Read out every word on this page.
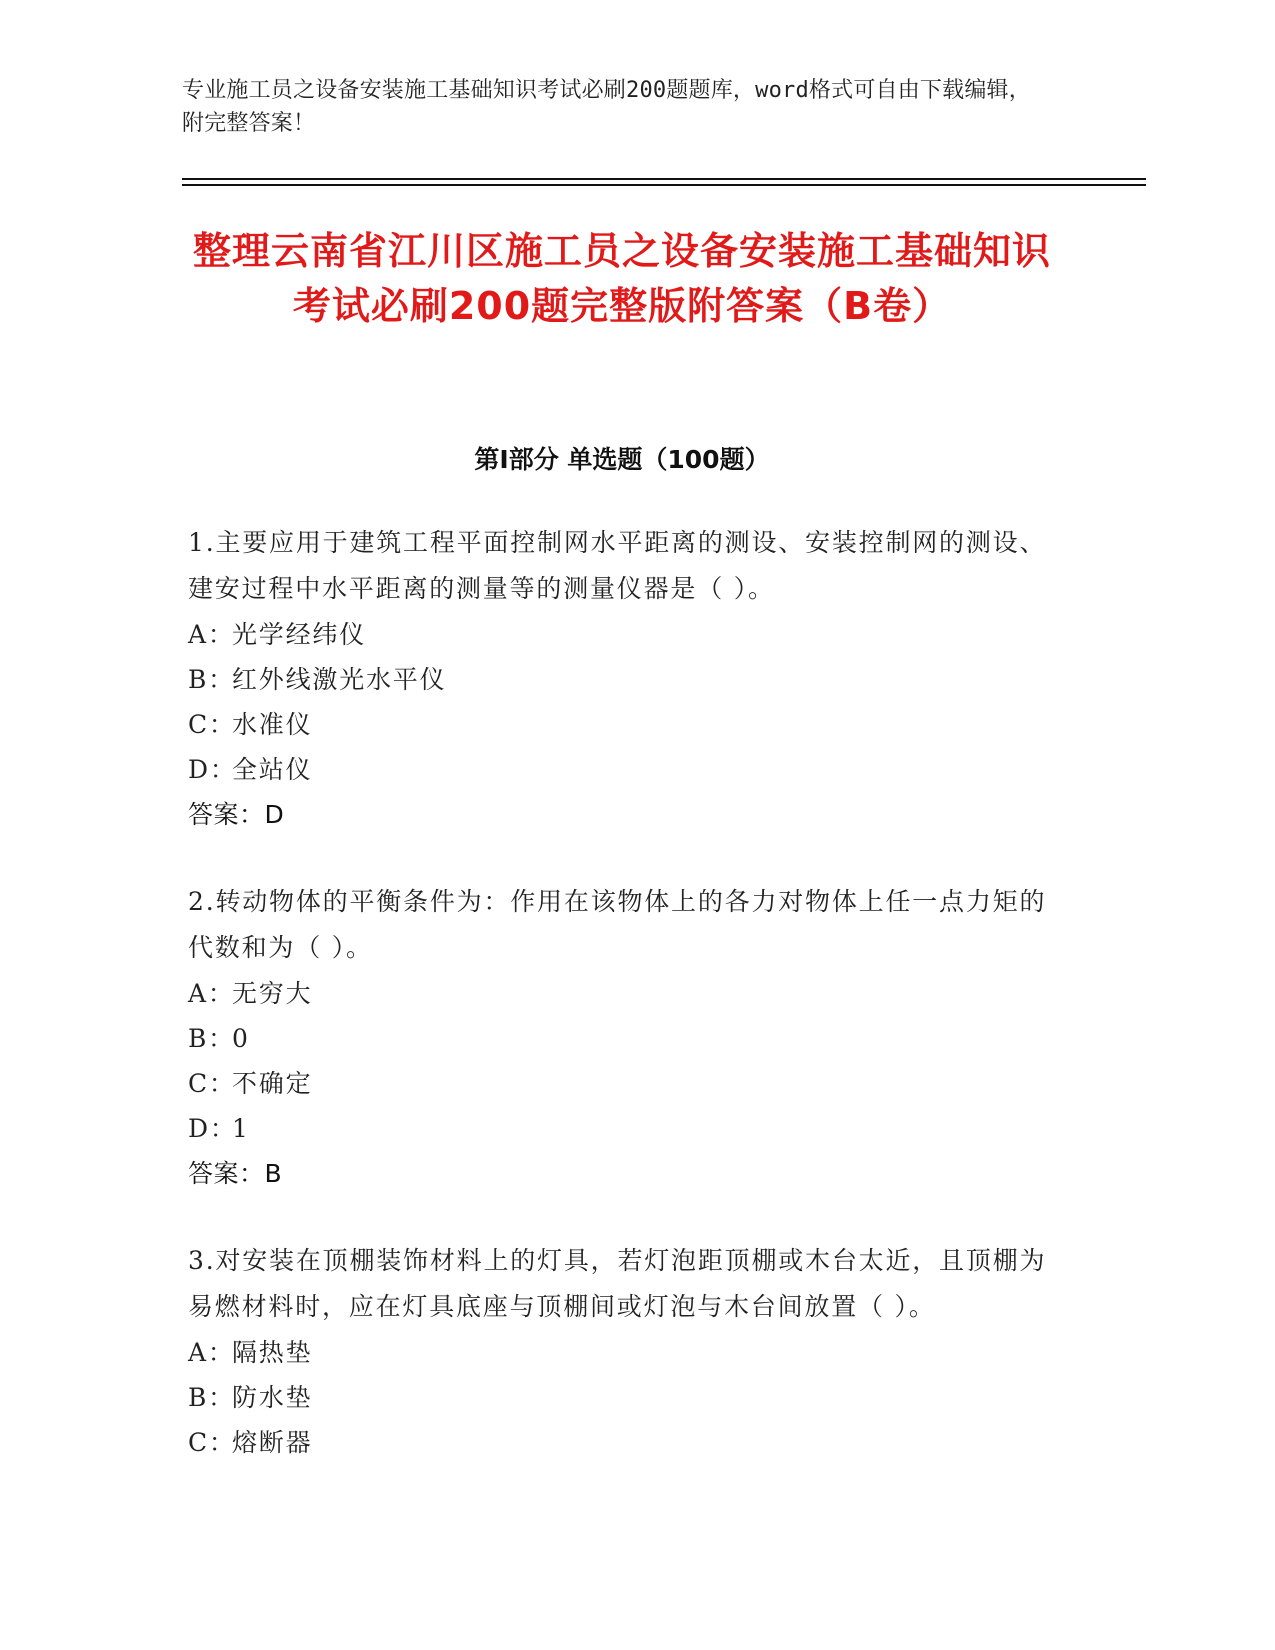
专业施工员之设备安装施工基础知识考试必刷200题题库，word格式可自由下载编辑，附完整答案！
整理云南省江川区施工员之设备安装施工基础知识考试必刷200题完整版附答案（B卷）
第Ⅰ部分 单选题（100题）

1.主要应用于建筑工程平面控制网水平距离的测设、安装控制网的测设、建安过程中水平距离的测量等的测量仪器是（ ）。

A：
光学经纬仪
B：
红外线激光水平仪
C：
水准仪
D：
全站仪
答案：D

2.转动物体的平衡条件为：作用在该物体上的各力对物体上任一点力矩的代数和为（ ）。

A：
无穷大
B：
0
C：
不确定
D：
1
答案：B

3.对安装在顶棚装饰材料上的灯具，若灯泡距顶棚或木台太近，且顶棚为易燃材料时，应在灯具底座与顶棚间或灯泡与木台间放置（ ）。

A：
隔热垫
B：
防水垫
C：
熔断器
